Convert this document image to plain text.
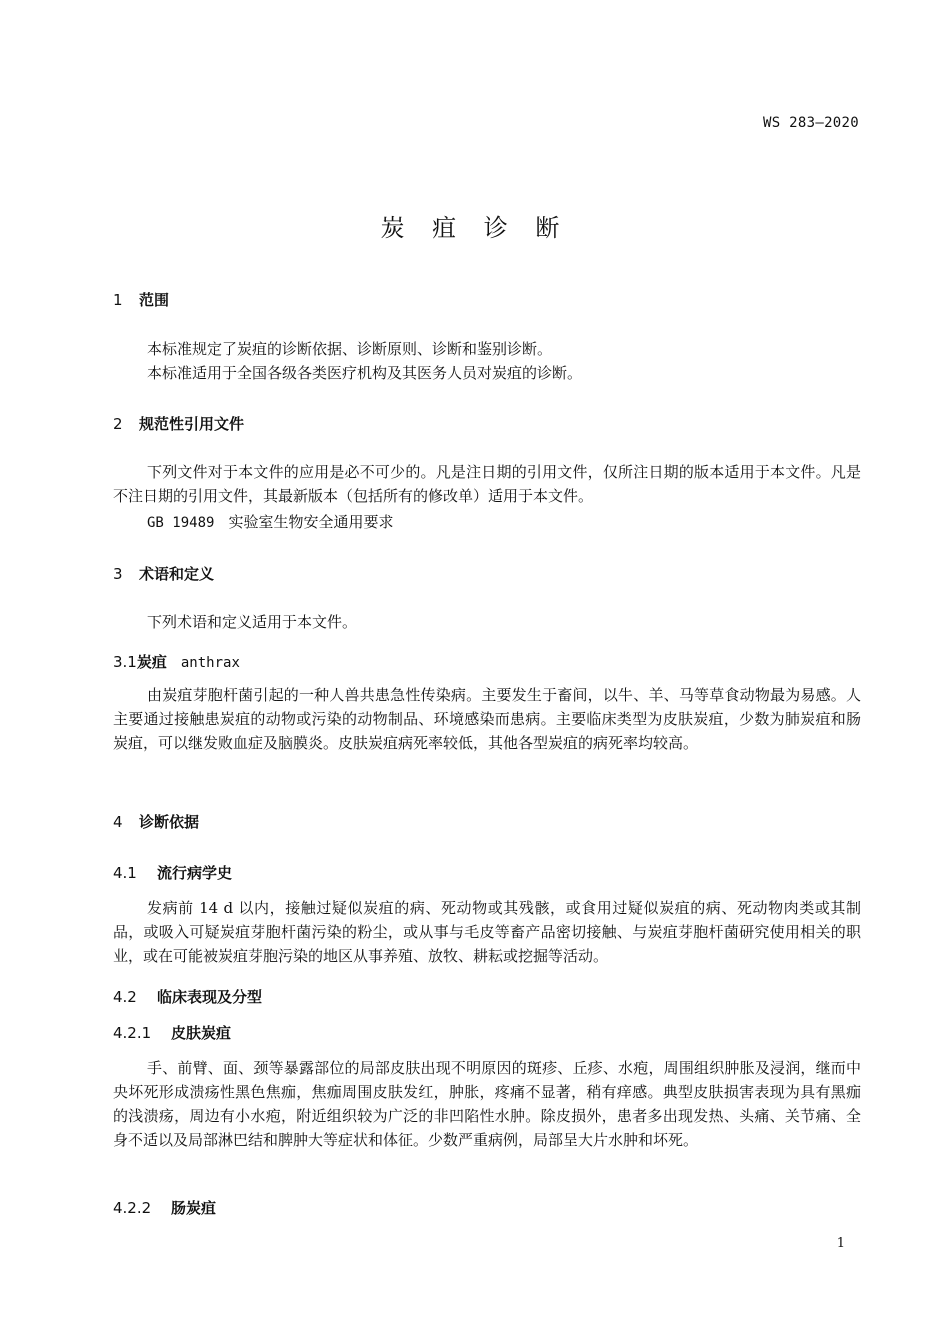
WS 283—2020
炭 疽 诊 断
1 范围
本标准规定了炭疽的诊断依据、诊断原则、诊断和鉴别诊断。
本标准适用于全国各级各类医疗机构及其医务人员对炭疽的诊断。
2 规范性引用文件
下列文件对于本文件的应用是必不可少的。凡是注日期的引用文件，仅所注日期的版本适用于本文件。凡是不注日期的引用文件，其最新版本（包括所有的修改单）适用于本文件。
GB 19489 实验室生物安全通用要求
3 术语和定义
下列术语和定义适用于本文件。
3.1炭疽 anthrax
由炭疽芽胞杆菌引起的一种人兽共患急性传染病。主要发生于畜间，以牛、羊、马等草食动物最为易感。人主要通过接触患炭疽的动物或污染的动物制品、环境感染而患病。主要临床类型为皮肤炭疽，少数为肺炭疽和肠炭疽，可以继发败血症及脑膜炎。皮肤炭疽病死率较低，其他各型炭疽的病死率均较高。
4 诊断依据
4.1 流行病学史
发病前 14 d 以内，接触过疑似炭疽的病、死动物或其残骸，或食用过疑似炭疽的病、死动物肉类或其制品，或吸入可疑炭疽芽胞杆菌污染的粉尘，或从事与毛皮等畜产品密切接触、与炭疽芽胞杆菌研究使用相关的职业，或在可能被炭疽芽胞污染的地区从事养殖、放牧、耕耘或挖掘等活动。
4.2 临床表现及分型
4.2.1 皮肤炭疽
手、前臂、面、颈等暴露部位的局部皮肤出现不明原因的斑疹、丘疹、水疱，周围组织肿胀及浸润，继而中央坏死形成溃疡性黑色焦痂，焦痂周围皮肤发红，肿胀，疼痛不显著，稍有痒感。典型皮肤损害表现为具有黑痂的浅溃疡，周边有小水疱，附近组织较为广泛的非凹陷性水肿。除皮损外，患者多出现发热、头痛、关节痛、全身不适以及局部淋巴结和脾肿大等症状和体征。少数严重病例，局部呈大片水肿和坏死。
4.2.2 肠炭疽
1
